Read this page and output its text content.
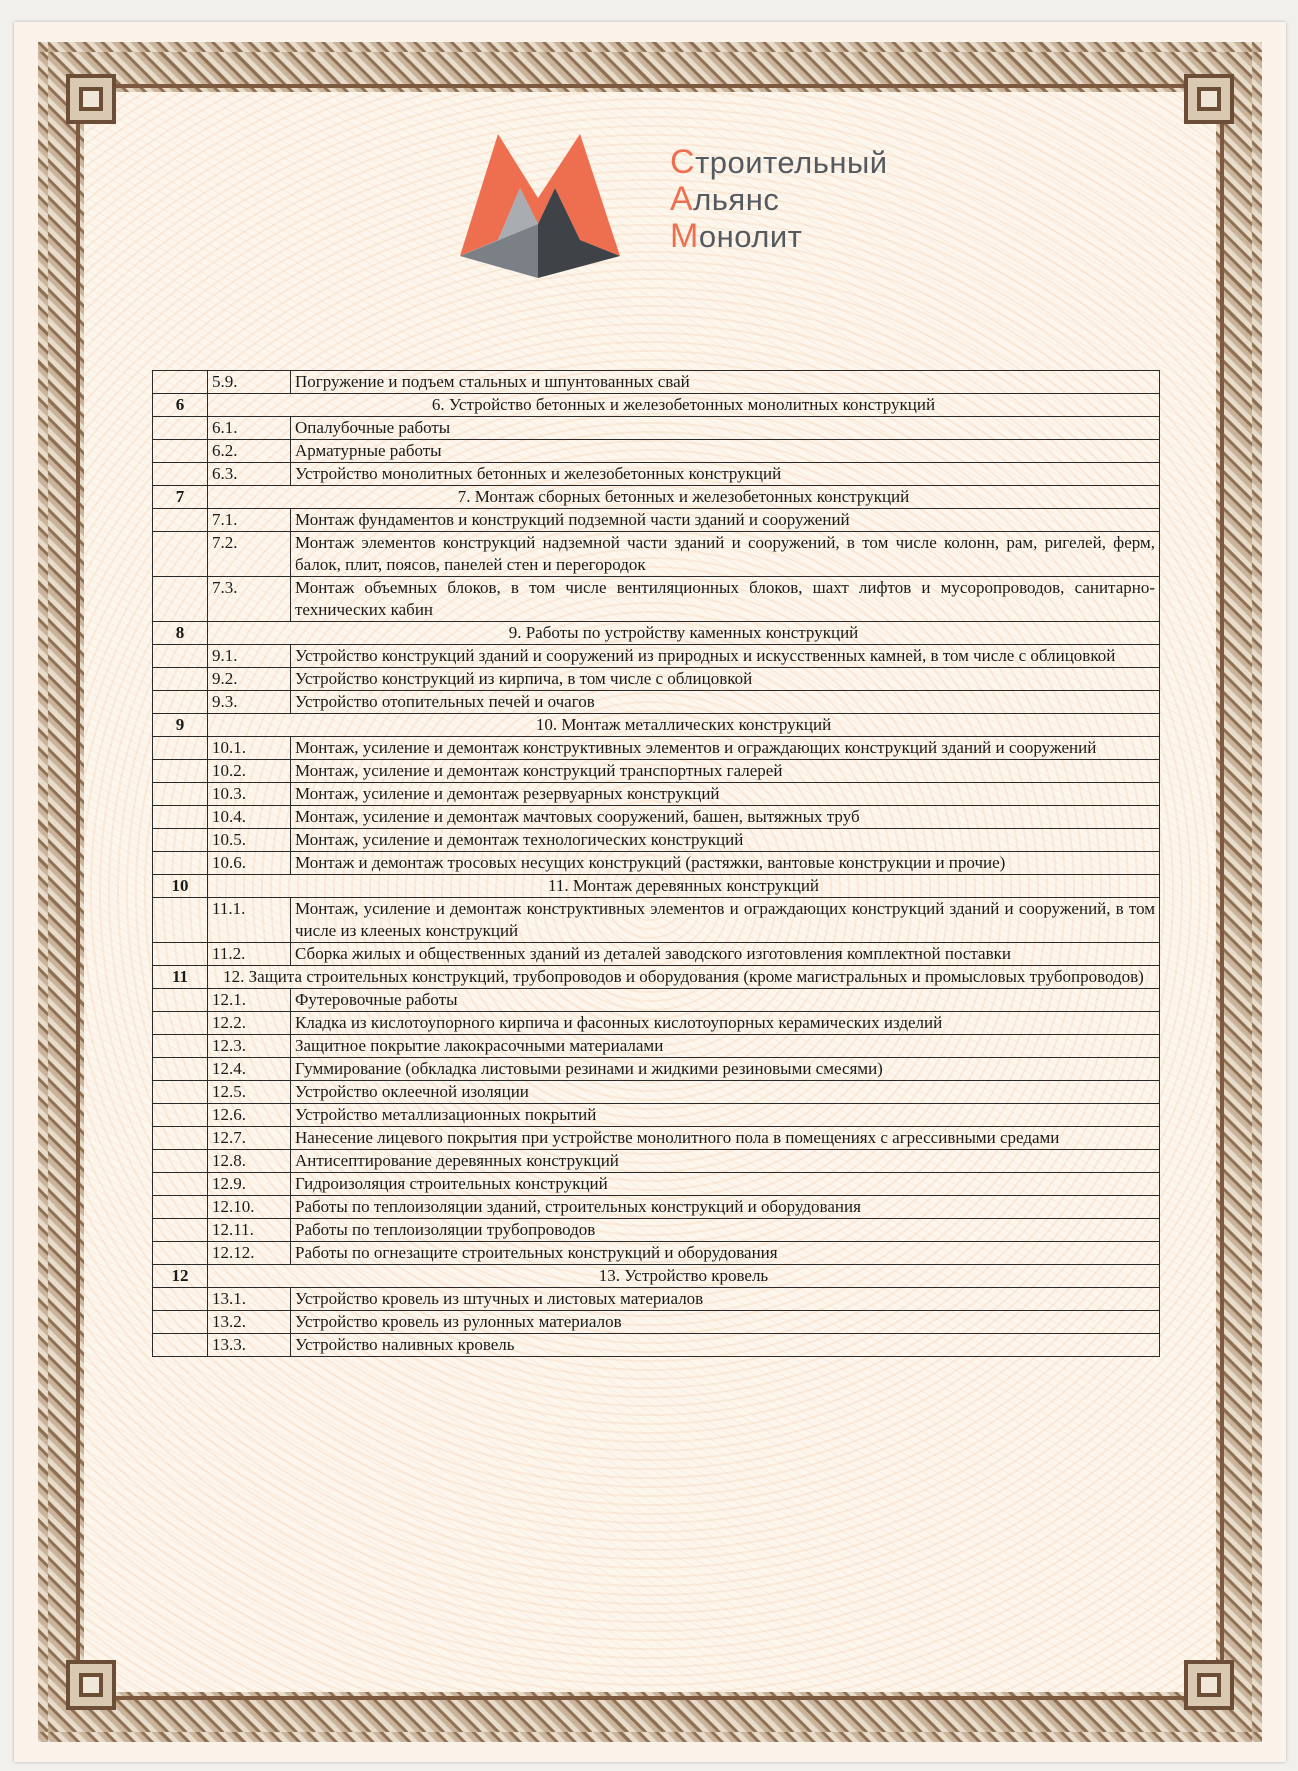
Строительный
Альянс
Монолит
	5.9.	Погружение и подъем стальных и шпунтованных свай
6	6. Устройство бетонных и железобетонных монолитных конструкций	
	6.1.	Опалубочные работы
	6.2.	Арматурные работы
	6.3.	Устройство монолитных бетонных и железобетонных конструкций
7	7. Монтаж сборных бетонных и железобетонных конструкций	
	7.1.	Монтаж фундаментов и конструкций подземной части зданий и сооружений
	7.2.	Монтаж элементов конструкций надземной части зданий и сооружений, в том числе колонн, рам, ригелей, ферм, балок, плит, поясов, панелей стен и перегородок
	7.3.	Монтаж объемных блоков, в том числе вентиляционных блоков, шахт лифтов и мусоропроводов, санитарно-технических кабин
8	9. Работы по устройству каменных конструкций	
	9.1.	Устройство конструкций зданий и сооружений из природных и искусственных камней, в том числе с облицовкой
	9.2.	Устройство конструкций из кирпича, в том числе с облицовкой
	9.3.	Устройство отопительных печей и очагов
9	10. Монтаж металлических конструкций	
	10.1.	Монтаж, усиление и демонтаж конструктивных элементов и ограждающих конструкций зданий и сооружений
	10.2.	Монтаж, усиление и демонтаж конструкций транспортных галерей
	10.3.	Монтаж, усиление и демонтаж резервуарных конструкций
	10.4.	Монтаж, усиление и демонтаж мачтовых сооружений, башен, вытяжных труб
	10.5.	Монтаж, усиление и демонтаж технологических конструкций
	10.6.	Монтаж и демонтаж тросовых несущих конструкций (растяжки, вантовые конструкции и прочие)
10	11. Монтаж деревянных конструкций	
	11.1.	Монтаж, усиление и демонтаж конструктивных элементов и ограждающих конструкций зданий и сооружений, в том числе из клееных конструкций
	11.2.	Сборка жилых и общественных зданий из деталей заводского изготовления комплектной поставки
11	12. Защита строительных конструкций, трубопроводов и оборудования (кроме магистральных и промысловых трубопроводов)	
	12.1.	Футеровочные работы
	12.2.	Кладка из кислотоупорного кирпича и фасонных кислотоупорных керамических изделий
	12.3.	Защитное покрытие лакокрасочными материалами
	12.4.	Гуммирование (обкладка листовыми резинами и жидкими резиновыми смесями)
	12.5.	Устройство оклеечной изоляции
	12.6.	Устройство металлизационных покрытий
	12.7.	Нанесение лицевого покрытия при устройстве монолитного пола в помещениях с агрессивными средами
	12.8.	Антисептирование деревянных конструкций
	12.9.	Гидроизоляция строительных конструкций
	12.10.	Работы по теплоизоляции зданий, строительных конструкций и оборудования
	12.11.	Работы по теплоизоляции трубопроводов
	12.12.	Работы по огнезащите строительных конструкций и оборудования
12	13. Устройство кровель	
	13.1.	Устройство кровель из штучных и листовых материалов
	13.2.	Устройство кровель из рулонных материалов
	13.3.	Устройство наливных кровель
